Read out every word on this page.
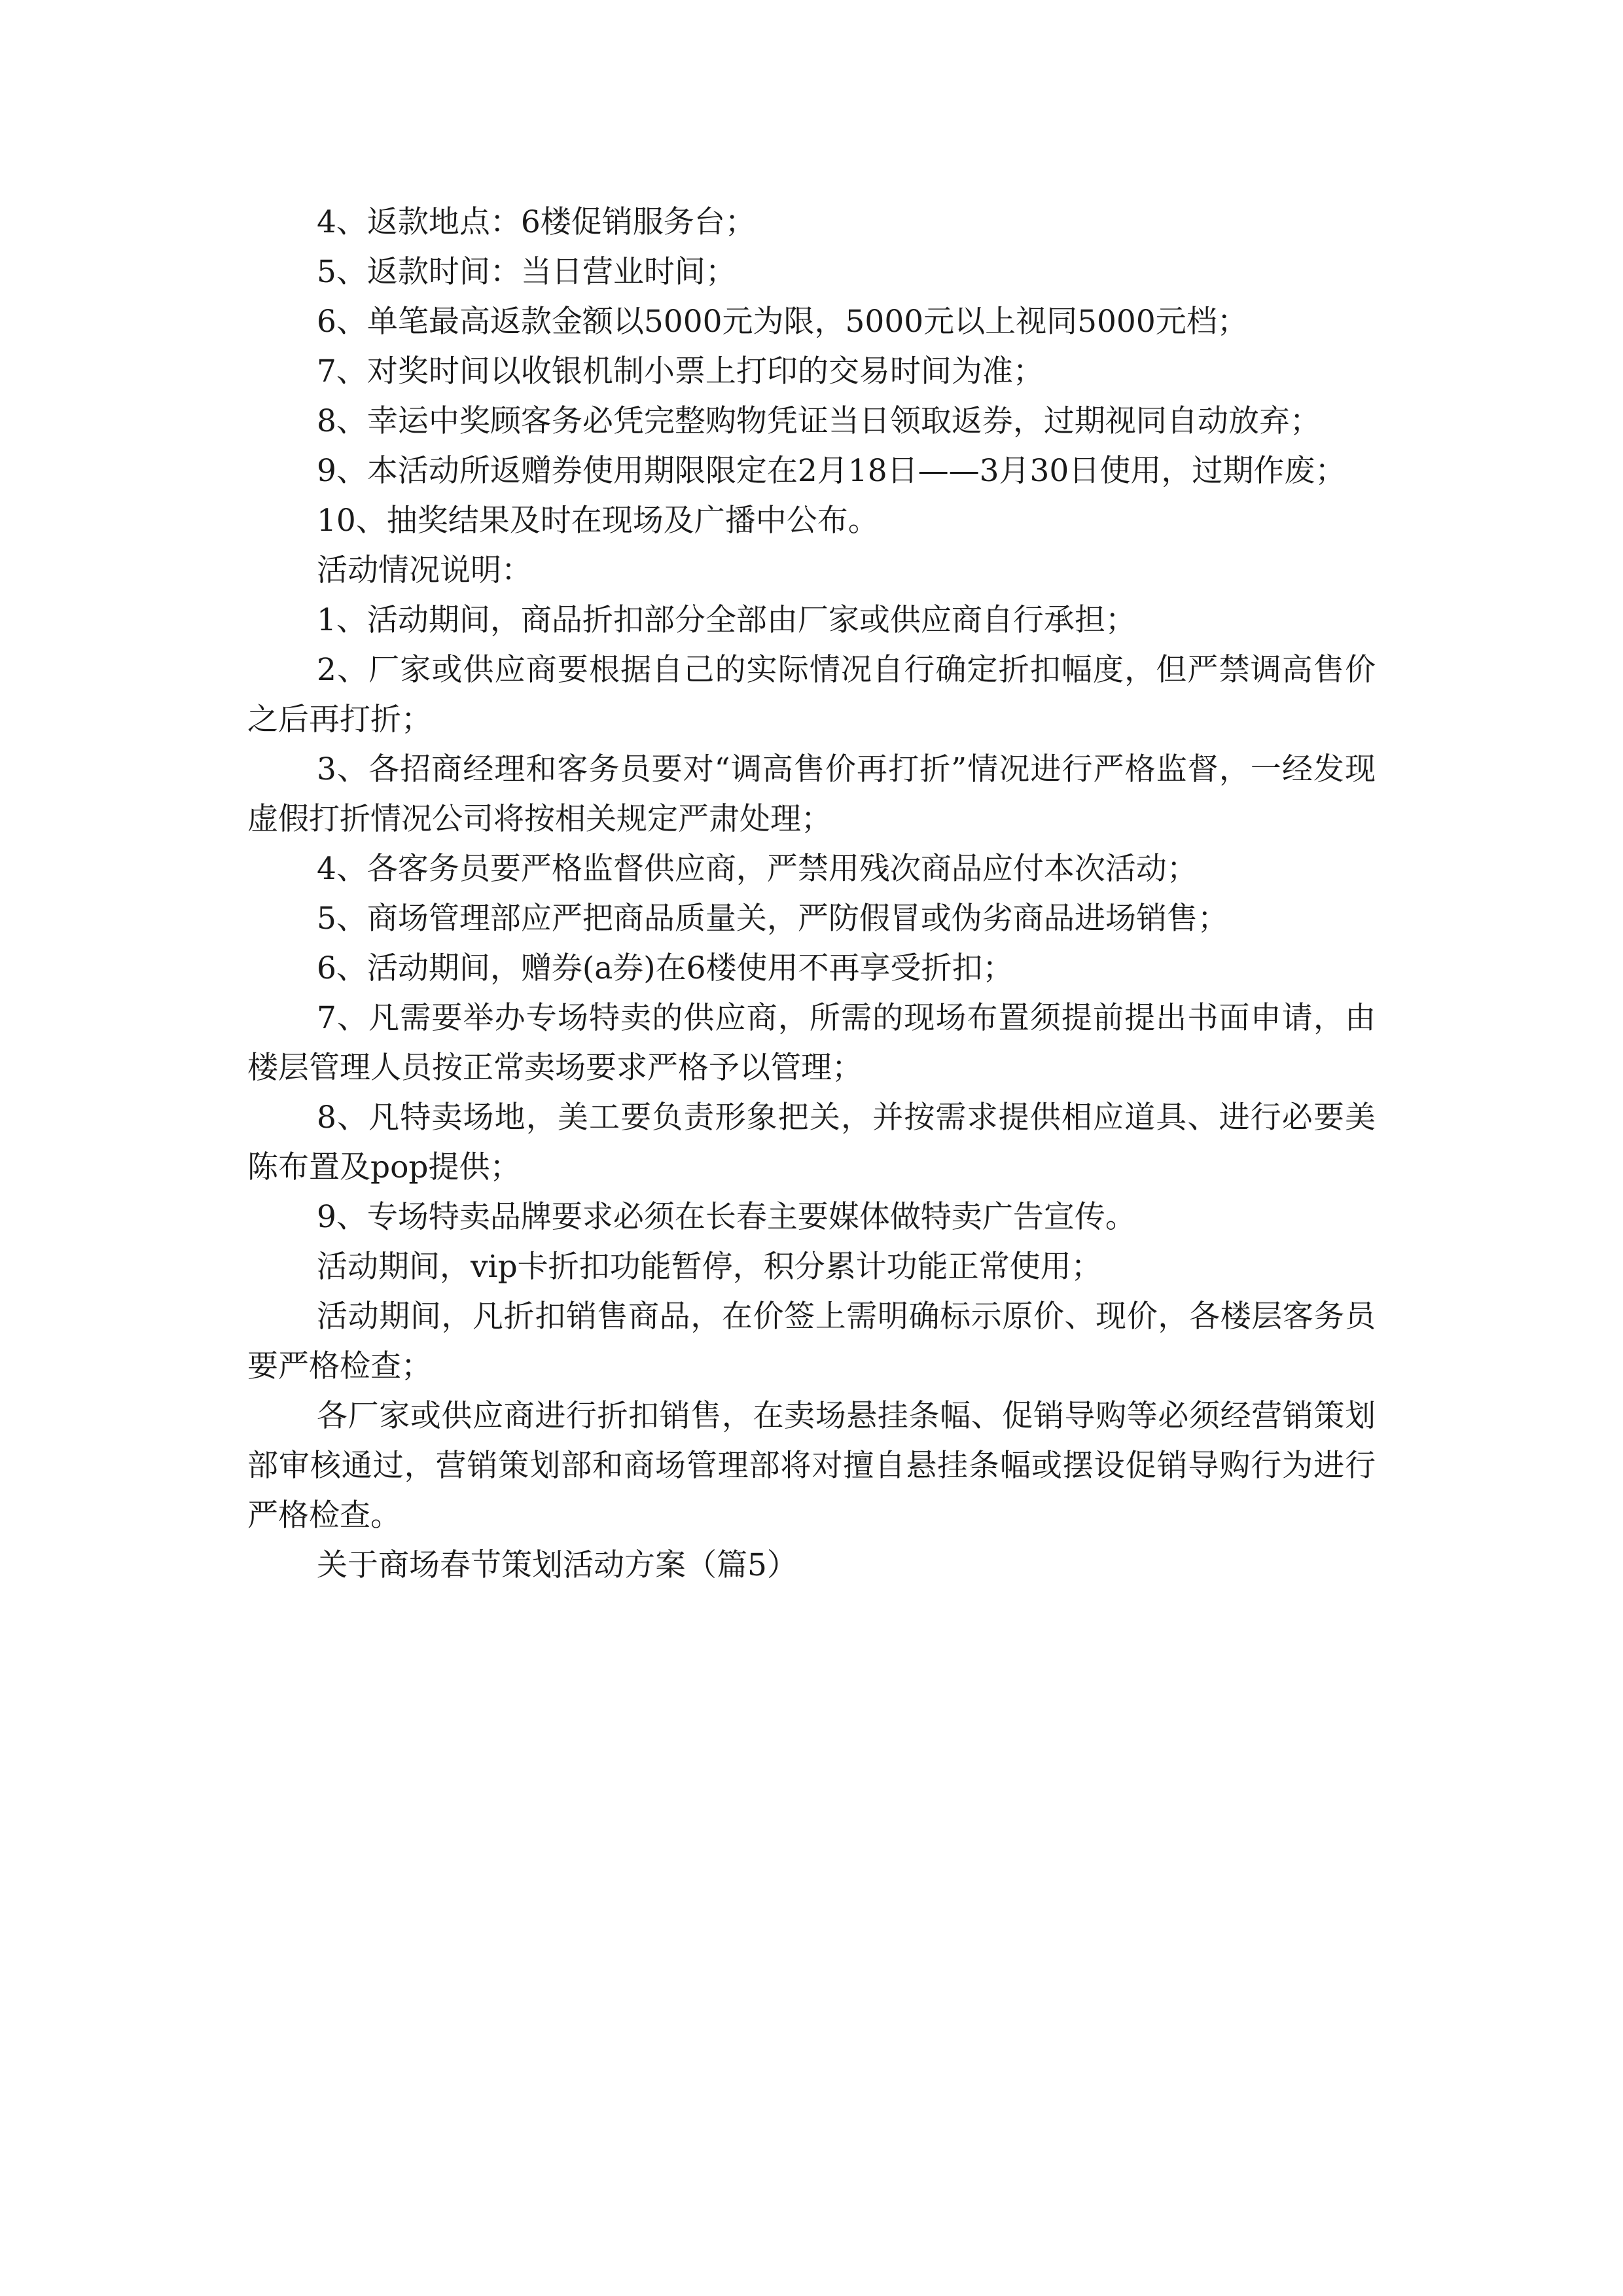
4、返款地点：6楼促销服务台；

5、返款时间：当日营业时间；

6、单笔最高返款金额以5000元为限，5000元以上视同5000元档；

7、对奖时间以收银机制小票上打印的交易时间为准；

8、幸运中奖顾客务必凭完整购物凭证当日领取返券，过期视同自动放弃；

9、本活动所返赠券使用期限限定在2月18日——3月30日使用，过期作废；

10、抽奖结果及时在现场及广播中公布。

活动情况说明：

1、活动期间，商品折扣部分全部由厂家或供应商自行承担；

2、厂家或供应商要根据自己的实际情况自行确定折扣幅度，但严禁调高售价之后再打折；

3、各招商经理和客务员要对“调高售价再打折”情况进行严格监督，一经发现虚假打折情况公司将按相关规定严肃处理；

4、各客务员要严格监督供应商，严禁用残次商品应付本次活动；

5、商场管理部应严把商品质量关，严防假冒或伪劣商品进场销售；

6、活动期间，赠券(a券)在6楼使用不再享受折扣；

7、凡需要举办专场特卖的供应商，所需的现场布置须提前提出书面申请，由楼层管理人员按正常卖场要求严格予以管理；

8、凡特卖场地，美工要负责形象把关，并按需求提供相应道具、进行必要美陈布置及pop提供；

9、专场特卖品牌要求必须在长春主要媒体做特卖广告宣传。

活动期间，vip卡折扣功能暂停，积分累计功能正常使用；

活动期间，凡折扣销售商品，在价签上需明确标示原价、现价，各楼层客务员要严格检查；

各厂家或供应商进行折扣销售，在卖场悬挂条幅、促销导购等必须经营销策划部审核通过，营销策划部和商场管理部将对擅自悬挂条幅或摆设促销导购行为进行严格检查。

关于商场春节策划活动方案（篇5）
